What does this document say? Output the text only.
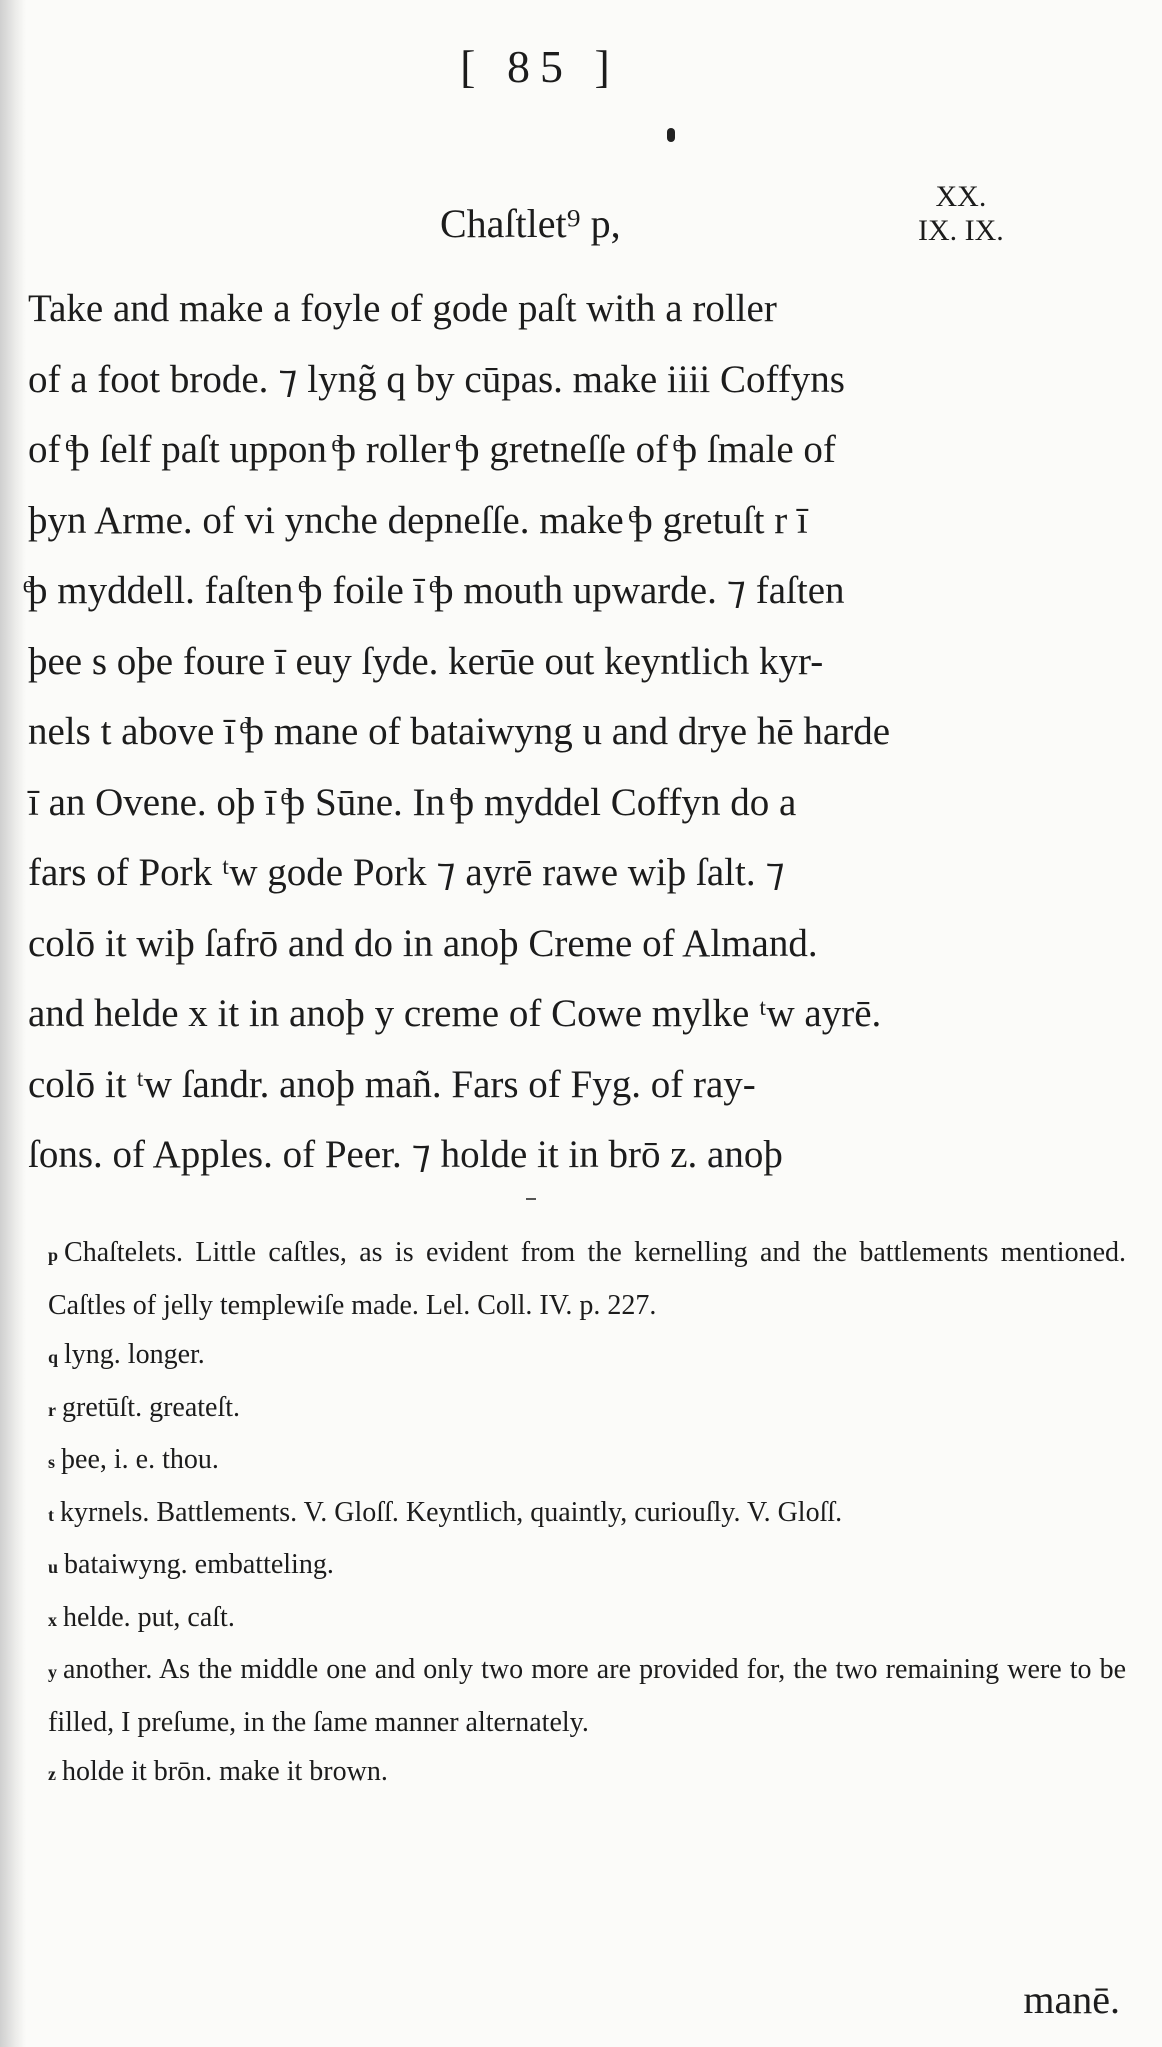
[ 85 ]
Chaſtlet⁹ p,
XX.
IX. IX.
Take and make a foyle of gode paſt with a roller
of a foot brode. ⁊ lyng̃ q by cūpas. make iiii Coffyns
of ͤþ ſelf paſt uppon ͤþ roller ͤþ gretneſſe of ͤþ ſmale of
þyn Arme. of vi ynche depneſſe. make ͤþ gretuſt r ī
ͤþ myddell. faſten ͤþ foile ī ͤþ mouth upwarde. ⁊ faſten
þee s oþe foure ī euy ſyde. kerūe out keyntlich kyr-
nels t above ī ͤþ mane of bataiwyng u and drye hē harde
ī an Ovene. oþ ī ͤþ Sūne. In ͤþ myddel Coffyn do a
fars of Pork ᵗw gode Pork ⁊ ayrē rawe wiþ ſalt. ⁊
colō it wiþ ſafrō and do in anoþ Creme of Almand.
and helde x it in anoþ y creme of Cowe mylke ᵗw ayrē.
colō it ᵗw ſandr. anoþ mañ. Fars of Fyg. of ray-
ſons. of Apples. of Peer. ⁊ holde it in brō z. anoþ
p Chaſtelets. Little caſtles, as is evident from the kernelling and the battlements mentioned. Caſtles of jelly templewiſe made. Lel. Coll. IV. p. 227.
q lyng. longer.
r gretūſt. greateſt.
s þee, i. e. thou.
t kyrnels. Battlements. V. Gloſſ. Keyntlich, quaintly, curiouſly. V. Gloſſ.
u bataiwyng. embatteling.
x helde. put, caſt.
y another. As the middle one and only two more are provided for, the two remaining were to be filled, I preſume, in the ſame manner alternately.
z holde it brōn. make it brown.
manē.
